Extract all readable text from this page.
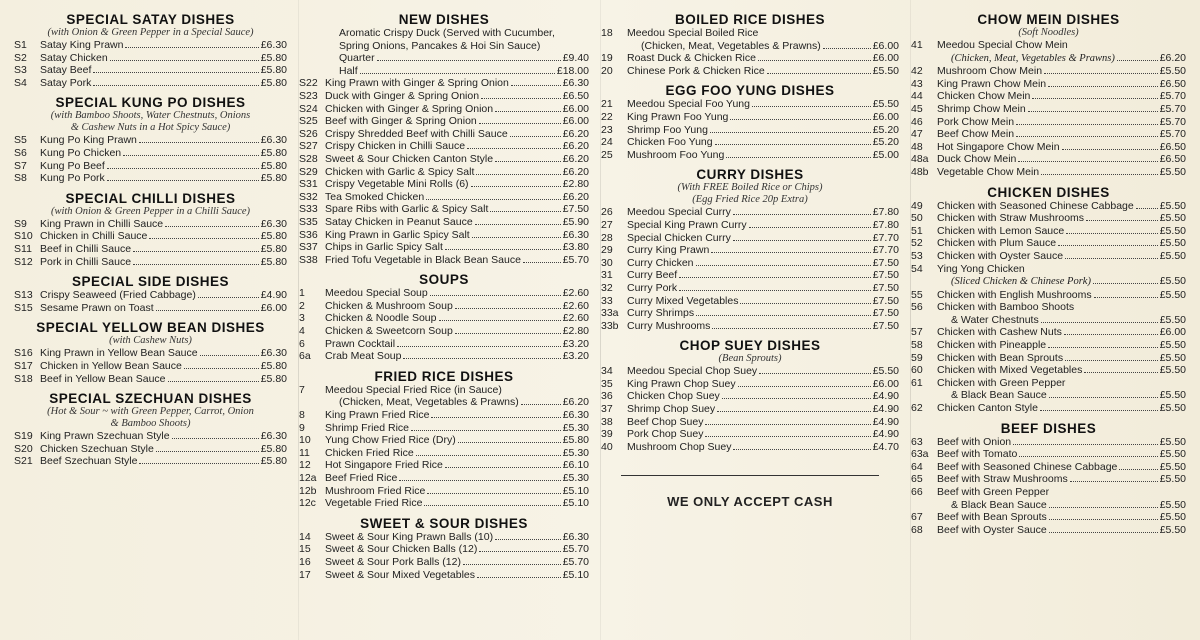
SPECIAL SATAY DISHES
(with Onion & Green Pepper in a Special Sauce)
S1	Satay King Prawn	£6.30
S2	Satay Chicken	£5.80
S3	Satay Beef	£5.80
S4	Satay Pork	£5.80
SPECIAL KUNG PO DISHES
(with Bamboo Shoots, Water Chestnuts, Onions
& Cashew Nuts in a Hot Spicy Sauce)
S5	Kung Po King Prawn	£6.30
S6	Kung Po Chicken	£5.80
S7	Kung Po Beef	£5.80
S8	Kung Po Pork	£5.80
SPECIAL CHILLI DISHES
(with Onion & Green Pepper in a Chilli Sauce)
S9	King Prawn in Chilli Sauce	£6.30
S10 Chicken in Chilli Sauce	£5.80
S11 Beef in Chilli Sauce	£5.80
S12 Pork in Chilli Sauce	£5.80
SPECIAL SIDE DISHES
S13 Crispy Seaweed (Fried Cabbage)	£4.90
S15 Sesame Prawn on Toast	£6.00
SPECIAL YELLOW BEAN DISHES
(with Cashew Nuts)
S16 King Prawn in Yellow Bean Sauce	£6.30
S17 Chicken in Yellow Bean Sauce	£5.80
S18 Beef in Yellow Bean Sauce	£5.80
SPECIAL SZECHUAN DISHES
(Hot & Sour ~ with Green Pepper, Carrot, Onion
& Bamboo Shoots)
S19 King Prawn Szechuan Style	£6.30
S20 Chicken Szechuan Style	£5.80
S21 Beef Szechuan Style	£5.80
NEW DISHES
Aromatic Crispy Duck (Served with Cucumber,
Spring Onions, Pancakes & Hoi Sin Sauce)
Quarter	£9.40
Half	£18.00
S22 King Prawn with Ginger & Spring Onion	£6.30
S23 Duck with Ginger & Spring Onion	£6.50
S24 Chicken with Ginger & Spring Onion	£6.00
S25 Beef with Ginger & Spring Onion	£6.00
S26 Crispy Shredded Beef with Chilli Sauce	£6.20
S27 Crispy Chicken in Chilli Sauce	£6.20
S28 Sweet & Sour Chicken Canton Style	£6.20
S29 Chicken with Garlic & Spicy Salt	£6.20
S31 Crispy Vegetable Mini Rolls (6)	£2.80
S32 Tea Smoked Chicken	£6.20
S33 Spare Ribs with Garlic & Spicy Salt	£7.50
S35 Satay Chicken in Peanut Sauce	£5.90
S36 King Prawn in Garlic Spicy Salt	£6.30
S37 Chips in Garlic Spicy Salt	£3.80
S38 Fried Tofu Vegetable in Black Bean Sauce	£5.70
SOUPS
1	Meedou Special Soup	£2.60
2	Chicken & Mushroom Soup	£2.60
3	Chicken & Noodle Soup	£2.60
4	Chicken & Sweetcorn Soup	£2.80
6	Prawn Cocktail	£3.20
6a	Crab Meat Soup	£3.20
FRIED RICE DISHES
7	Meedou Special Fried Rice (in Sauce)
(Chicken, Meat, Vegetables & Prawns)	£6.20
8	King Prawn Fried Rice	£6.30
9	Shrimp Fried Rice	£5.30
10	Yung Chow Fried Rice (Dry)	£5.80
11	Chicken Fried Rice	£5.30
12	Hot Singapore Fried Rice	£6.10
12a Beef Fried Rice	£5.30
12b Mushroom Fried Rice	£5.10
12c Vegetable Fried Rice	£5.10
SWEET & SOUR DISHES
14	Sweet & Sour King Prawn Balls (10)	£6.30
15	Sweet & Sour Chicken Balls (12)	£5.70
16	Sweet & Sour Pork Balls (12)	£5.70
17	Sweet & Sour Mixed Vegetables	£5.10
BOILED RICE DISHES
18	Meedou Special Boiled Rice
(Chicken, Meat, Vegetables & Prawns)	£6.00
19	Roast Duck & Chicken Rice	£6.00
20	Chinese Pork & Chicken Rice	£5.50
EGG FOO YUNG DISHES
21	Meedou Special Foo Yung	£5.50
22	King Prawn Foo Yung	£6.00
23	Shrimp Foo Yung	£5.20
24	Chicken Foo Yung	£5.20
25	Mushroom Foo Yung	£5.00
CURRY DISHES
(With FREE Boiled Rice or Chips)
(Egg Fried Rice 20p Extra)
26	Meedou Special Curry	£7.80
27	Special King Prawn Curry	£7.80
28	Special Chicken Curry	£7.70
29	Curry King Prawn	£7.70
30	Curry Chicken	£7.50
31	Curry Beef	£7.50
32	Curry Pork	£7.50
33	Curry Mixed Vegetables	£7.50
33a Curry Shrimps	£7.50
33b Curry Mushrooms	£7.50
CHOP SUEY DISHES
(Bean Sprouts)
34	Meedou Special Chop Suey	£5.50
35	King Prawn Chop Suey	£6.00
36	Chicken Chop Suey	£4.90
37	Shrimp Chop Suey	£4.90
38	Beef Chop Suey	£4.90
39	Pork Chop Suey	£4.90
40	Mushroom Chop Suey	£4.70
WE ONLY ACCEPT CASH
CHOW MEIN DISHES
(Soft Noodles)
41	Meedou Special Chow Mein
(Chicken, Meat, Vegetables & Prawns)	£6.20
42	Mushroom Chow Mein	£5.50
43	King Prawn Chow Mein	£6.50
44	Chicken Chow Mein	£5.70
45	Shrimp Chow Mein	£5.70
46	Pork Chow Mein	£5.70
47	Beef Chow Mein	£5.70
48	Hot Singapore Chow Mein	£6.50
48a Duck Chow Mein	£6.50
48b Vegetable Chow Mein	£5.50
CHICKEN DISHES
49	Chicken with Seasoned Chinese Cabbage £5.50
50	Chicken with Straw Mushrooms	£5.50
51	Chicken with Lemon Sauce	£5.50
52	Chicken with Plum Sauce	£5.50
53	Chicken with Oyster Sauce	£5.50
54	Ying Yong Chicken
(Sliced Chicken & Chinese Pork)	£5.50
55	Chicken with English Mushrooms	£5.50
56	Chicken with Bamboo Shoots
& Water Chestnuts	£5.50
57	Chicken with Cashew Nuts	£6.00
58	Chicken with Pineapple	£5.50
59	Chicken with Bean Sprouts	£5.50
60	Chicken with Mixed Vegetables	£5.50
61	Chicken with Green Pepper
& Black Bean Sauce	£5.50
62	Chicken Canton Style	£5.50
BEEF DISHES
63	Beef with Onion	£5.50
63a Beef with Tomato	£5.50
64	Beef with Seasoned Chinese Cabbage	£5.50
65	Beef with Straw Mushrooms	£5.50
66	Beef with Green Pepper
& Black Bean Sauce	£5.50
67	Beef with Bean Sprouts	£5.50
68	Beef with Oyster Sauce	£5.50
